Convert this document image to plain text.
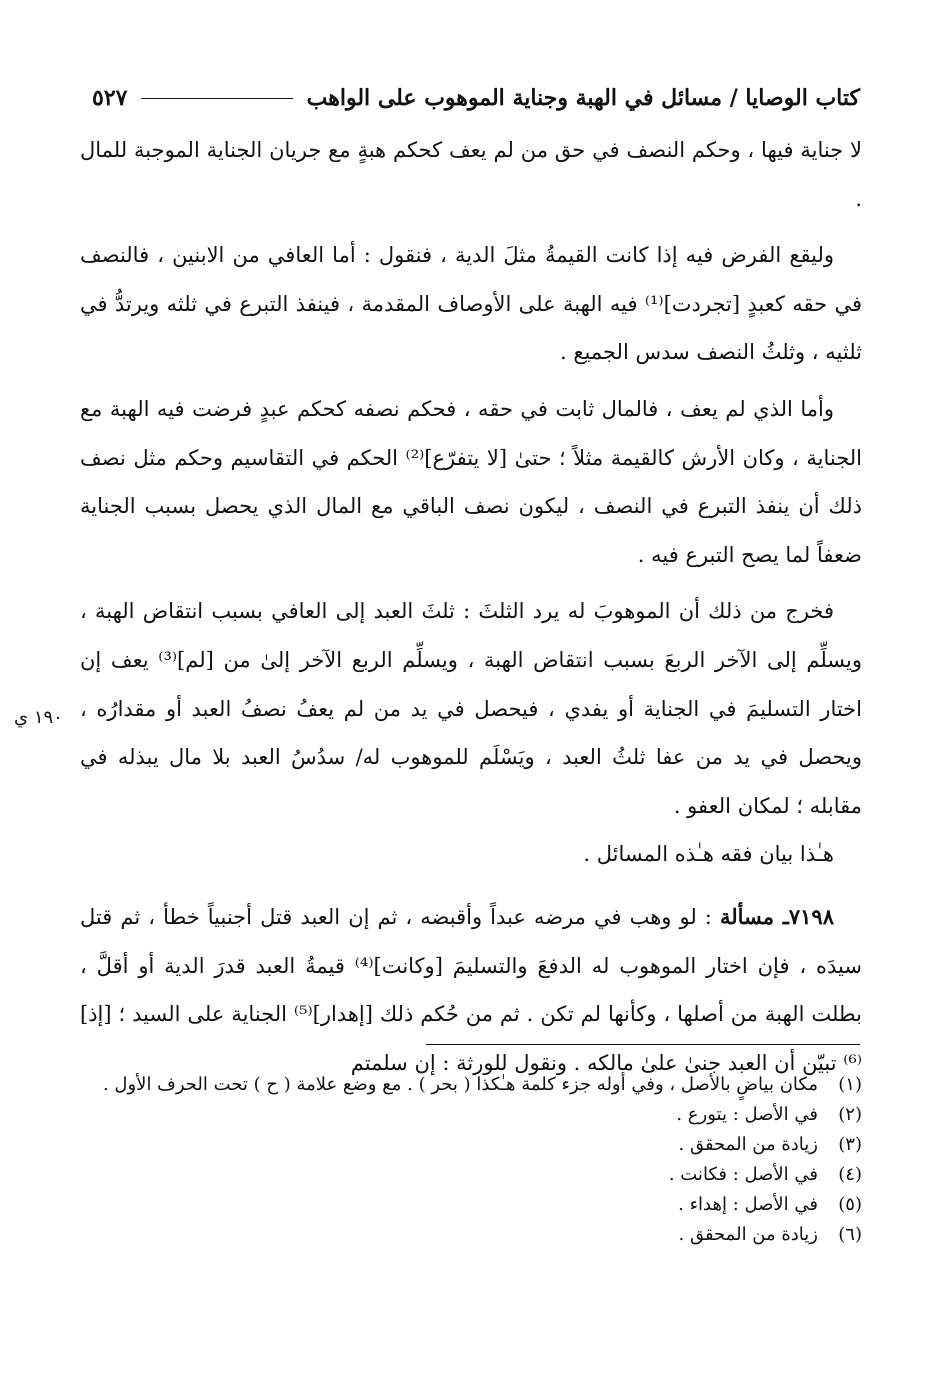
كتاب الوصايا / مسائل في الهبة وجناية الموهوب على الواهب
٥٢٧
١٩٠ ي

لا جناية فيها ، وحكم النصف في حق من لم يعف كحكم هبةٍ مع جريان الجناية الموجبة للمال .

وليقع الفرض فيه إذا كانت القيمةُ مثلَ الدية ، فنقول : أما العافي من الابنين ، فالنصف في حقه كعبدٍ [تجردت]⁽¹⁾ فيه الهبة على الأوصاف المقدمة ، فينفذ التبرع في ثلثه ويرتدُّ في ثلثيه ، وثلثُ النصف سدس الجميع .

وأما الذي لم يعف ، فالمال ثابت في حقه ، فحكم نصفه كحكم عبدٍ فرضت فيه الهبة مع الجناية ، وكان الأرش كالقيمة مثلاً ؛ حتىٰ [لا يتفرّع]⁽²⁾ الحكم في التقاسيم وحكم مثل نصف ذلك أن ينفذ التبرع في النصف ، ليكون نصف الباقي مع المال الذي يحصل بسبب الجناية ضعفاً لما يصح التبرع فيه .

فخرج من ذلك أن الموهوبَ له يرد الثلثَ : ثلثَ العبد إلى العافي بسبب انتقاض الهبة ، ويسلِّم إلى الآخر الربعَ بسبب انتقاض الهبة ، ويسلِّم الربع الآخر إلىٰ من [لم]⁽³⁾ يعف إن اختار التسليمَ في الجناية أو يفدي ، فيحصل في يد من لم يعفُ نصفُ العبد أو مقدارُه ، ويحصل في يد من عفا ثلثُ العبد ، ويَسْلَم للموهوب له/ سدُسُ العبد بلا مال يبذله في مقابله ؛ لمكان العفو .

هـٰذا بيان فقه هـٰذه المسائل .

٧١٩٨ـ مسألة : لو وهب في مرضه عبداً وأقبضه ، ثم إن العبد قتل أجنبياً خطأ ، ثم قتل سيدَه ، فإن اختار الموهوب له الدفعَ والتسليمَ [وكانت]⁽⁴⁾ قيمةُ العبد قدرَ الدية أو أقلَّ ، بطلت الهبة من أصلها ، وكأنها لم تكن . ثم من حُكم ذلك [إهدار]⁽⁵⁾ الجناية على السيد ؛ [إذ]⁽⁶⁾ تبيّن أن العبد جنىٰ علىٰ مالكه . ونقول للورثة : إن سلمتم

(١)
مكان بياضٍ بالأصل ، وفي أوله جزء كلمة هـٰكذا ( بحر ) . مع وضع علامة ( ح ) تحت الحرف الأول .
(٢)
في الأصل : يتورع .
(٣)
زيادة من المحقق .
(٤)
في الأصل : فكانت .
(٥)
في الأصل : إهداء .
(٦)
زيادة من المحقق .
